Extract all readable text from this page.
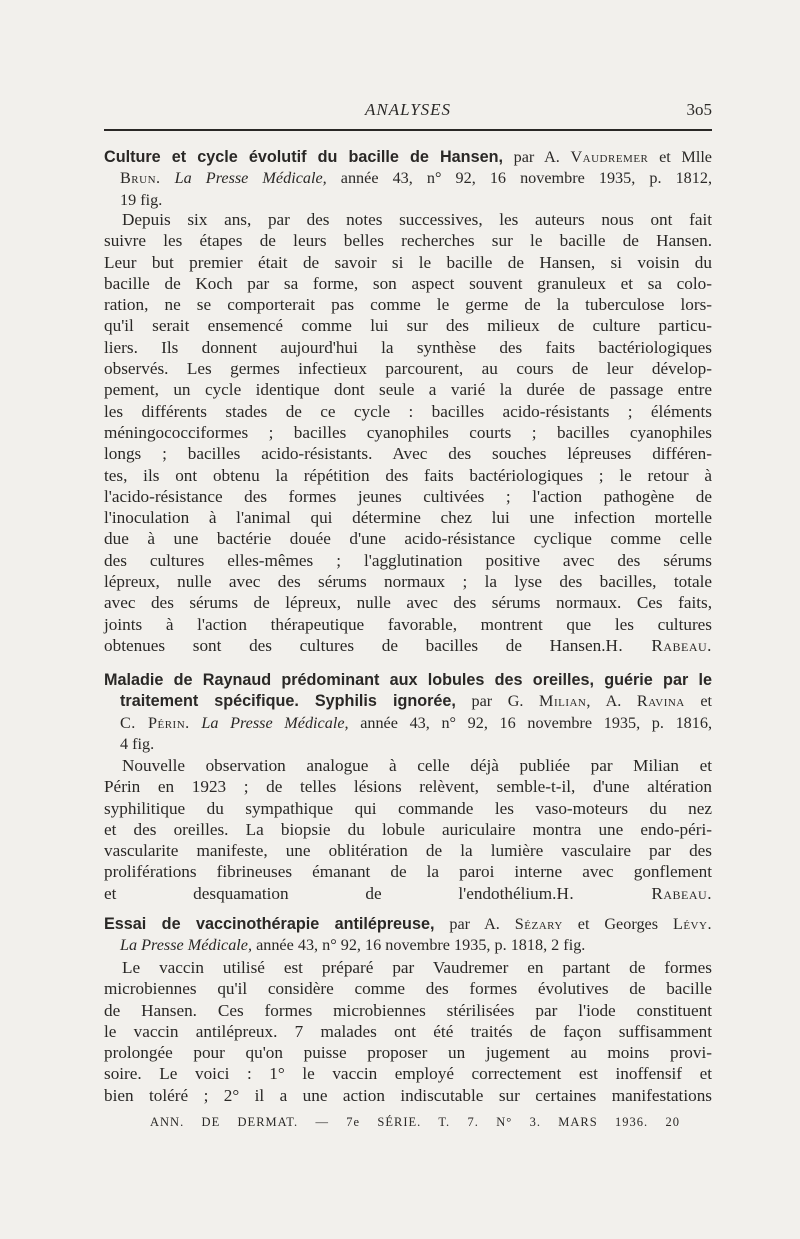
ANALYSES	3o5
Culture et cycle évolutif du bacille de Hansen, par A. Vaudremer et Mlle
Brun. La Presse Médicale, année 43, n° 92, 16 novembre 1935, p. 1812,
19 fig.
Depuis six ans, par des notes successives, les auteurs nous ont fait
suivre les étapes de leurs belles recherches sur le bacille de Hansen.
Leur but premier était de savoir si le bacille de Hansen, si voisin du
bacille de Koch par sa forme, son aspect souvent granuleux et sa colo-
ration, ne se comporterait pas comme le germe de la tuberculose lors-
qu'il serait ensemencé comme lui sur des milieux de culture particu-
liers. Ils donnent aujourd'hui la synthèse des faits bactériologiques
observés. Les germes infectieux parcourent, au cours de leur dévelop-
pement, un cycle identique dont seule a varié la durée de passage entre
les différents stades de ce cycle : bacilles acido-résistants ; éléments
méningococciformes ; bacilles cyanophiles courts ; bacilles cyanophiles
longs ; bacilles acido-résistants. Avec des souches lépreuses différen-
tes, ils ont obtenu la répétition des faits bactériologiques ; le retour à
l'acido-résistance des formes jeunes cultivées ; l'action pathogène de
l'inoculation à l'animal qui détermine chez lui une infection mortelle
due à une bactérie douée d'une acido-résistance cyclique comme celle
des cultures elles-mêmes ; l'agglutination positive avec des sérums
lépreux, nulle avec des sérums normaux ; la lyse des bacilles, totale
avec des sérums de lépreux, nulle avec des sérums normaux. Ces faits,
joints à l'action thérapeutique favorable, montrent que les cultures
obtenues sont des cultures de bacilles de Hansen.H. Rabeau.
Maladie de Raynaud prédominant aux lobules des oreilles, guérie par le
traitement spécifique. Syphilis ignorée, par G. Milian, A. Ravina et
C. Périn. La Presse Médicale, année 43, n° 92, 16 novembre 1935, p. 1816,
4 fig.
Nouvelle observation analogue à celle déjà publiée par Milian et
Périn en 1923 ; de telles lésions relèvent, semble-t-il, d'une altération
syphilitique du sympathique qui commande les vaso-moteurs du nez
et des oreilles. La biopsie du lobule auriculaire montra une endo-péri-
vascularite manifeste, une oblitération de la lumière vasculaire par des
proliférations fibrineuses émanant de la paroi interne avec gonflement
et desquamation de l'endothélium.H. Rabeau.
Essai de vaccinothérapie antilépreuse, par A. Sézary et Georges Lévy.
La Presse Médicale, année 43, n° 92, 16 novembre 1935, p. 1818, 2 fig.
Le vaccin utilisé est préparé par Vaudremer en partant de formes
microbiennes qu'il considère comme des formes évolutives de bacille
de Hansen. Ces formes microbiennes stérilisées par l'iode constituent
le vaccin antilépreux. 7 malades ont été traités de façon suffisamment
prolongée pour qu'on puisse proposer un jugement au moins provi-
soire. Le voici : 1° le vaccin employé correctement est inoffensif et
bien toléré ; 2° il a une action indiscutable sur certaines manifestations
ANN. DE DERMAT. — 7e SÉRIE. T. 7. N° 3. MARS 1936. 20
